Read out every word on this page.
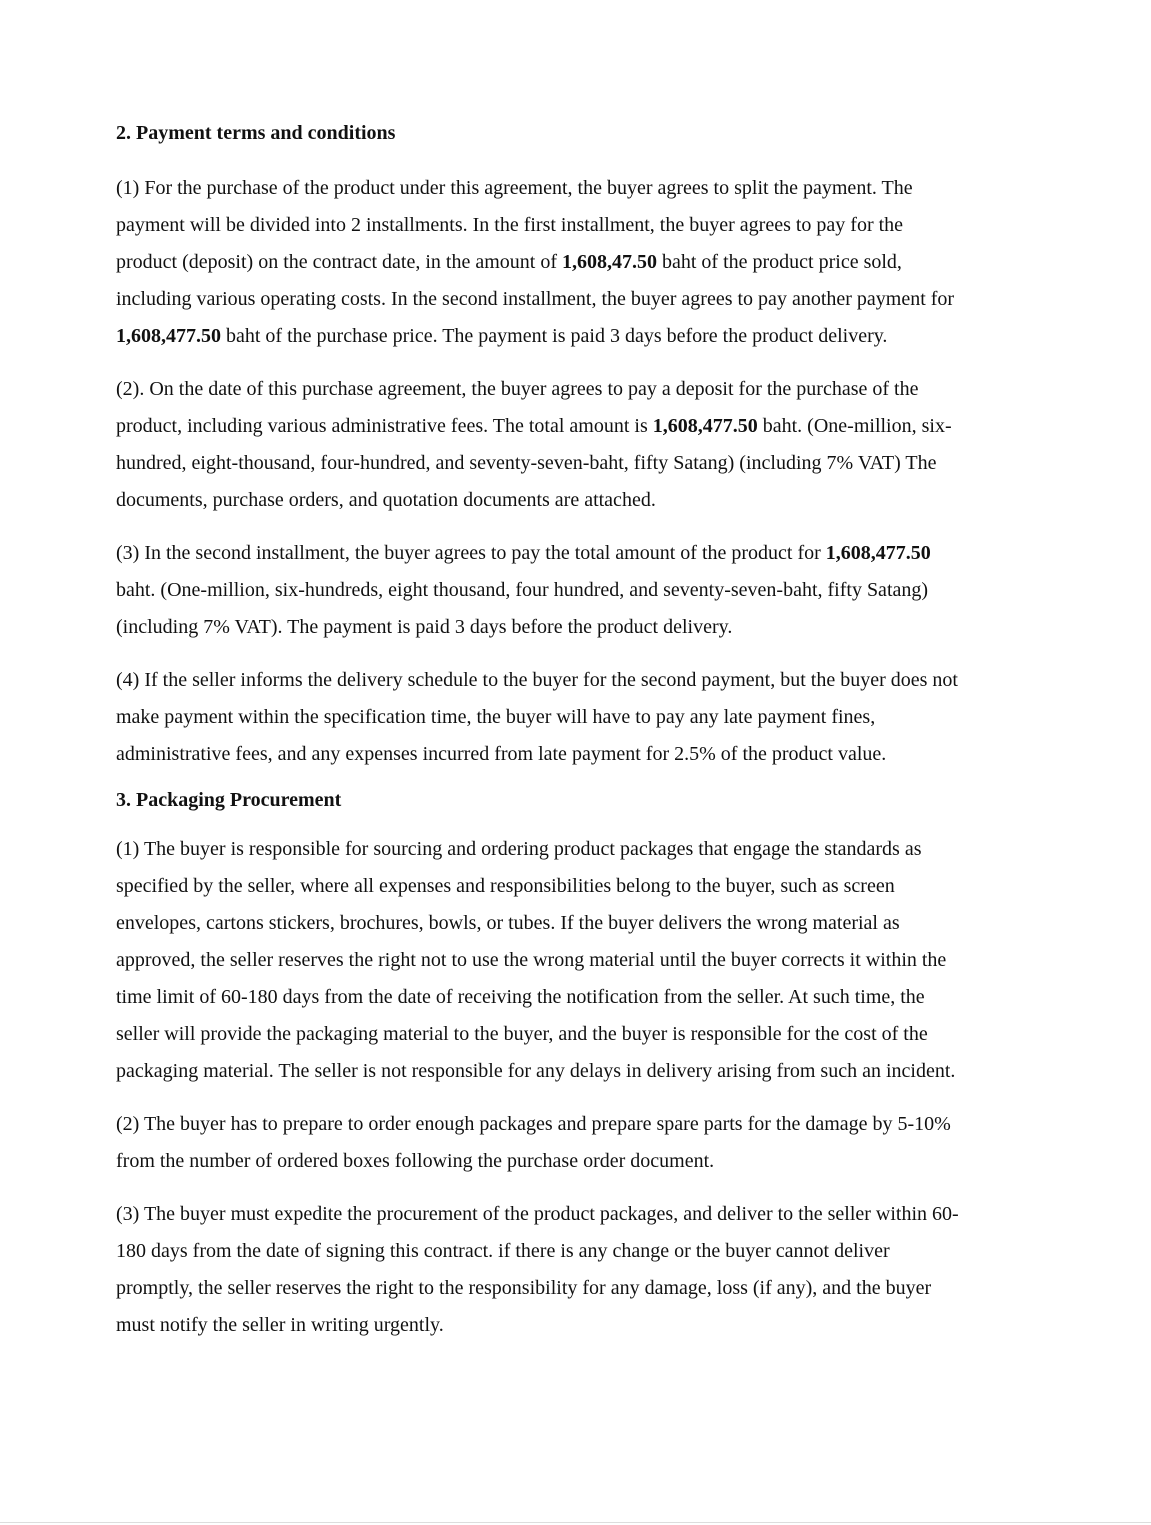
2. Payment terms and conditions
(1) For the purchase of the product under this agreement, the buyer agrees to split the payment. The
payment will be divided into 2 installments. In the first installment, the buyer agrees to pay for the
product (deposit) on the contract date, in the amount of 1,608,47.50 baht of the product price sold,
including various operating costs. In the second installment, the buyer agrees to pay another payment for
1,608,477.50 baht of the purchase price. The payment is paid 3 days before the product delivery.
(2). On the date of this purchase agreement, the buyer agrees to pay a deposit for the purchase of the
product, including various administrative fees. The total amount is 1,608,477.50 baht. (One-million, six-
hundred, eight-thousand, four-hundred, and seventy-seven-baht, fifty Satang) (including 7% VAT) The
documents, purchase orders, and quotation documents are attached.
(3) In the second installment, the buyer agrees to pay the total amount of the product for 1,608,477.50
baht. (One-million, six-hundreds, eight thousand, four hundred, and seventy-seven-baht, fifty Satang)
(including 7% VAT). The payment is paid 3 days before the product delivery.
(4) If the seller informs the delivery schedule to the buyer for the second payment, but the buyer does not
make payment within the specification time, the buyer will have to pay any late payment fines,
administrative fees, and any expenses incurred from late payment for 2.5% of the product value.
3. Packaging Procurement
(1) The buyer is responsible for sourcing and ordering product packages that engage the standards as
specified by the seller, where all expenses and responsibilities belong to the buyer, such as screen
envelopes, cartons stickers, brochures, bowls, or tubes. If the buyer delivers the wrong material as
approved, the seller reserves the right not to use the wrong material until the buyer corrects it within the
time limit of 60-180 days from the date of receiving the notification from the seller. At such time, the
seller will provide the packaging material to the buyer, and the buyer is responsible for the cost of the
packaging material. The seller is not responsible for any delays in delivery arising from such an incident.
(2) The buyer has to prepare to order enough packages and prepare spare parts for the damage by 5-10%
from the number of ordered boxes following the purchase order document.
(3) The buyer must expedite the procurement of the product packages, and deliver to the seller within 60-
180 days from the date of signing this contract. if there is any change or the buyer cannot deliver
promptly, the seller reserves the right to the responsibility for any damage, loss (if any), and the buyer
must notify the seller in writing urgently.
